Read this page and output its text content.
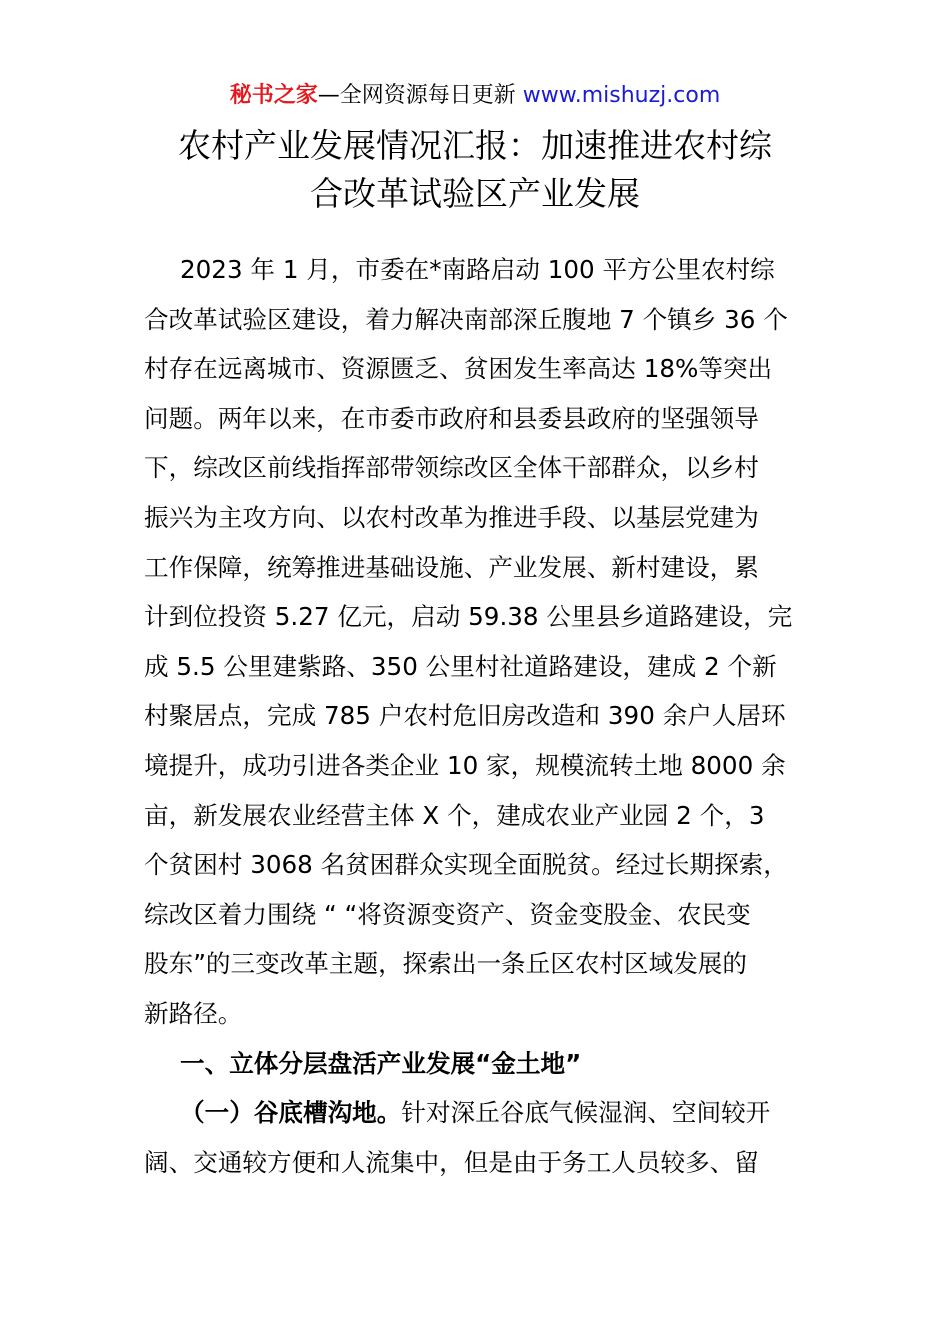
秘书之家—全网资源每日更新 www.mishuzj.com
农村产业发展情况汇报：加速推进农村综
合改革试验区产业发展
2023 年 1 月，市委在*南路启动 100 平方公里农村综
合改革试验区建设，着力解决南部深丘腹地 7 个镇乡 36 个
村存在远离城市、资源匮乏、贫困发生率高达 18%等突出
问题。两年以来，在市委市政府和县委县政府的坚强领导
下，综改区前线指挥部带领综改区全体干部群众，以乡村
振兴为主攻方向、以农村改革为推进手段、以基层党建为
工作保障，统筹推进基础设施、产业发展、新村建设，累
计到位投资 5.27 亿元，启动 59.38 公里县乡道路建设，完
成 5.5 公里建紫路、350 公里村社道路建设，建成 2 个新
村聚居点，完成 785 户农村危旧房改造和 390 余户人居环
境提升，成功引进各类企业 10 家，规模流转土地 8000 余
亩，新发展农业经营主体 X 个，建成农业产业园 2 个，3
个贫困村 3068 名贫困群众实现全面脱贫。经过长期探索，
综改区着力围绕 “ “将资源变资产、资金变股金、农民变
股东”的三变改革主题，探索出一条丘区农村区域发展的
新路径。
一、立体分层盘活产业发展“金土地”
（一）谷底槽沟地。针对深丘谷底气候湿润、空间较开
阔、交通较方便和人流集中，但是由于务工人员较多、留
